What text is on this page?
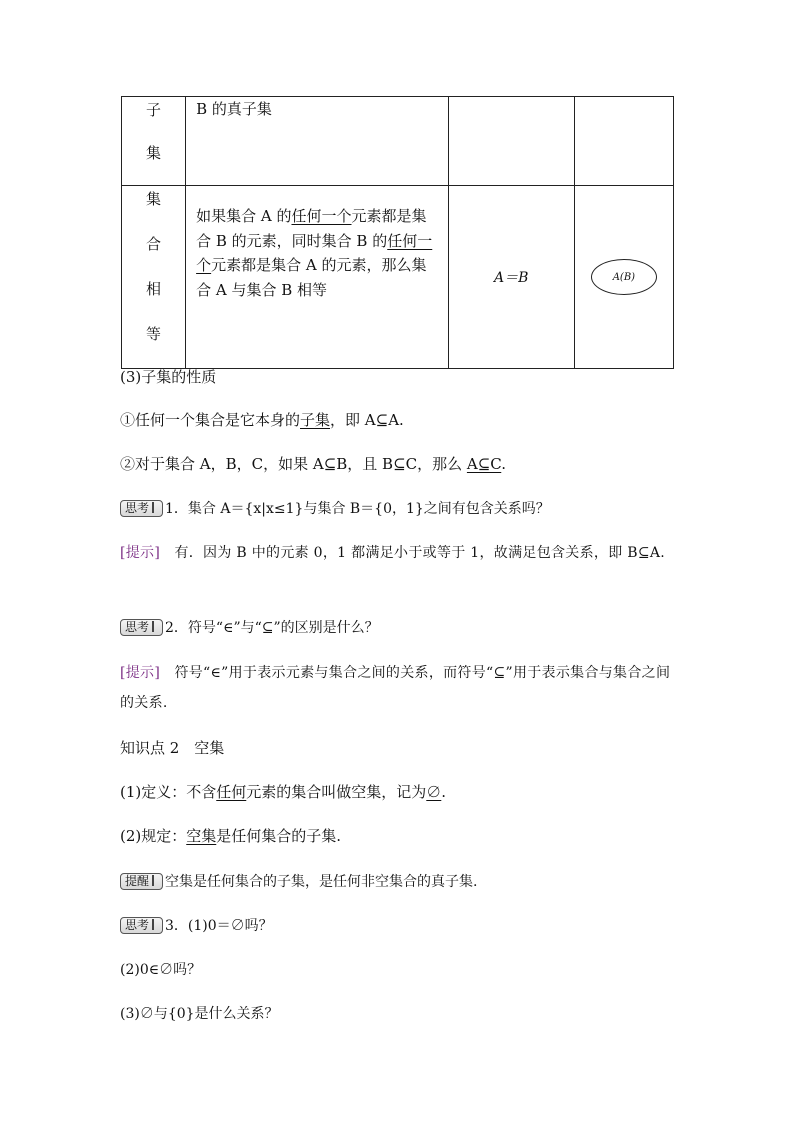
子
集	B 的真子集		

集
合
相
等	如果集合 A 的任何一个元素都是集合 B 的元素，同时集合 B 的任何一个元素都是集合 A 的元素，那么集合 A 与集合 B 相等	A＝B	A(B)
(3)子集的性质
①任何一个集合是它本身的子集，即 A⊆A.
②对于集合 A，B，C，如果 A⊆B，且 B⊆C，那么 A⊆C.
思考 1．集合 A＝{x|x≤1}与集合 B＝{0，1}之间有包含关系吗？
[提示]　 有．因为 B 中的元素 0，1 都满足小于或等于 1，故满足包含关系，即 B⊆A.
思考 2．符号“∈”与“⊆”的区别是什么？
[提示]　 符号“∈”用于表示元素与集合之间的关系，而符号“⊆”用于表示集合与集合之间的关系.
知识点 2　空集
(1)定义：不含任何元素的集合叫做空集，记为∅.
(2)规定：空集是任何集合的子集.
提醒 空集是任何集合的子集，是任何非空集合的真子集.
思考 3．(1)0＝∅吗？
(2)0∈∅吗？
(3)∅与{0}是什么关系？
